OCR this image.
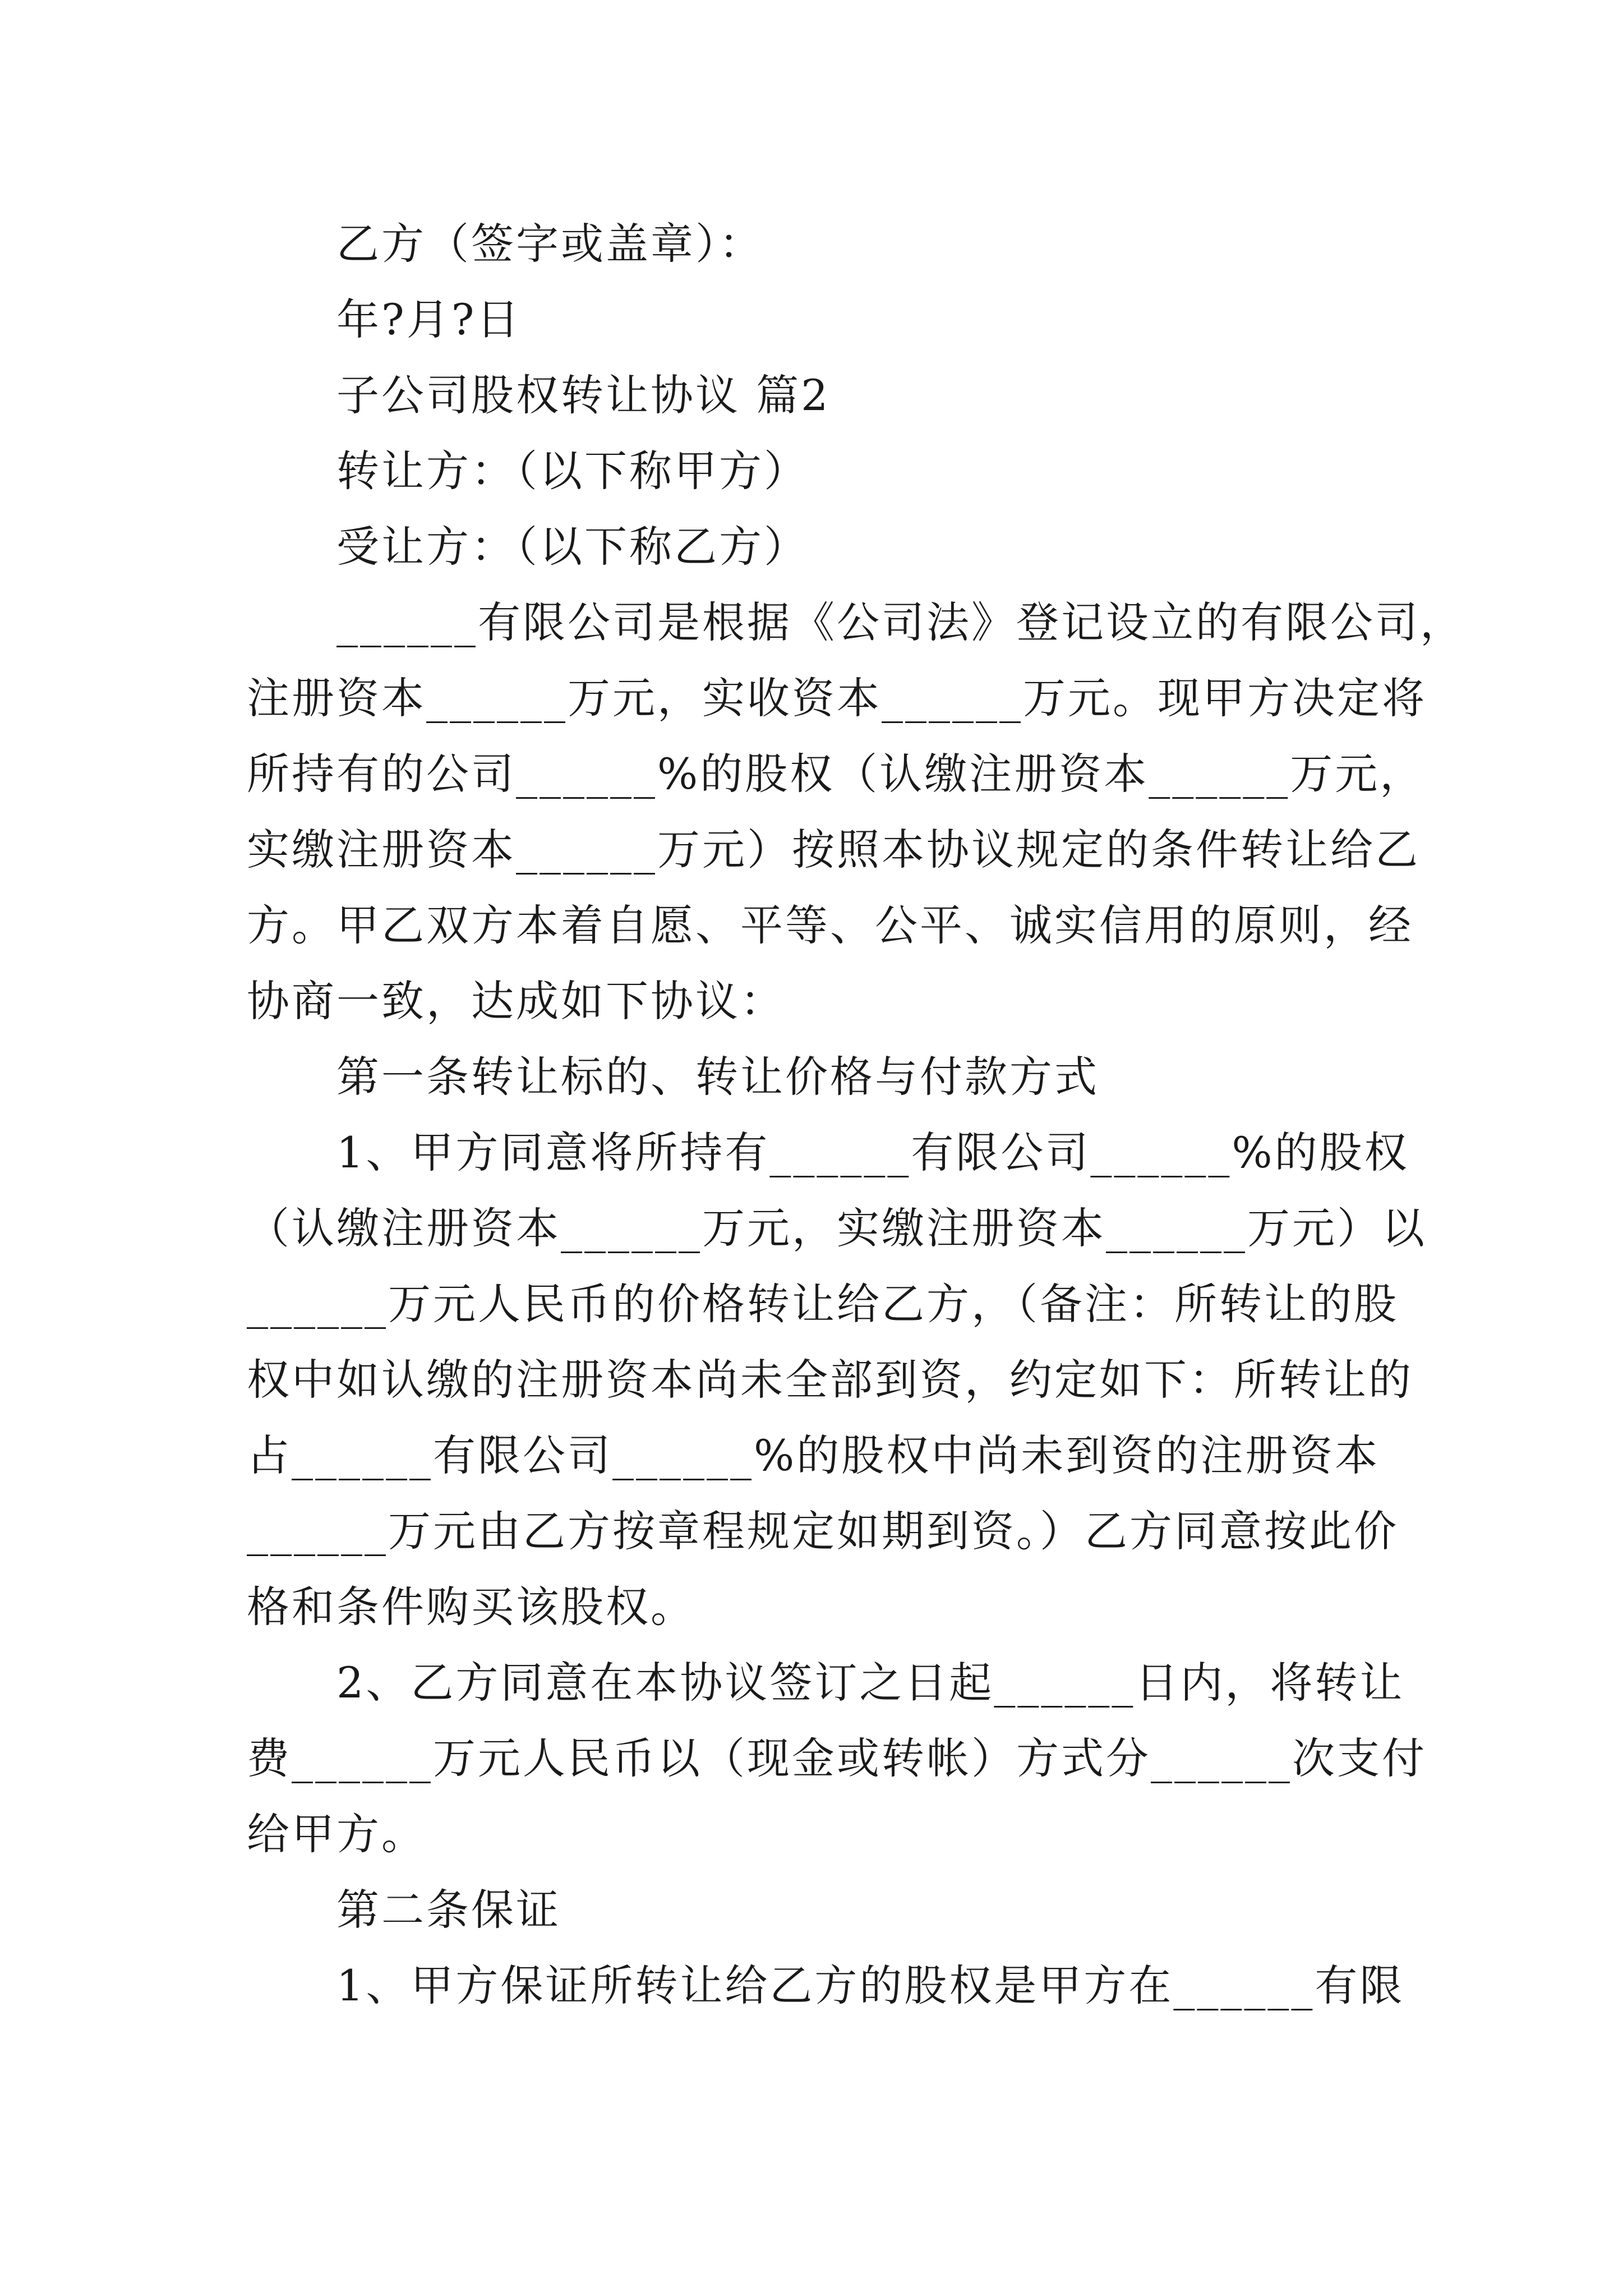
乙方（签字或盖章）：
年?月?日
子公司股权转让协议 篇2
转让方：（以下称甲方）
受让方：（以下称乙方）
______有限公司是根据《公司法》登记设立的有限公司，
注册资本______万元，实收资本______万元。现甲方决定将
所持有的公司______%的股权（认缴注册资本______万元，
实缴注册资本______万元）按照本协议规定的条件转让给乙
方。甲乙双方本着自愿、平等、公平、诚实信用的原则，经
协商一致，达成如下协议：
第一条转让标的、转让价格与付款方式
1、甲方同意将所持有______有限公司______%的股权
（认缴注册资本______万元，实缴注册资本______万元）以
______万元人民币的价格转让给乙方，（备注：所转让的股
权中如认缴的注册资本尚未全部到资，约定如下：所转让的
占______有限公司______%的股权中尚未到资的注册资本
______万元由乙方按章程规定如期到资。）乙方同意按此价
格和条件购买该股权。
2、乙方同意在本协议签订之日起______日内，将转让
费______万元人民币以（现金或转帐）方式分______次支付
给甲方。
第二条保证
1、甲方保证所转让给乙方的股权是甲方在______有限
